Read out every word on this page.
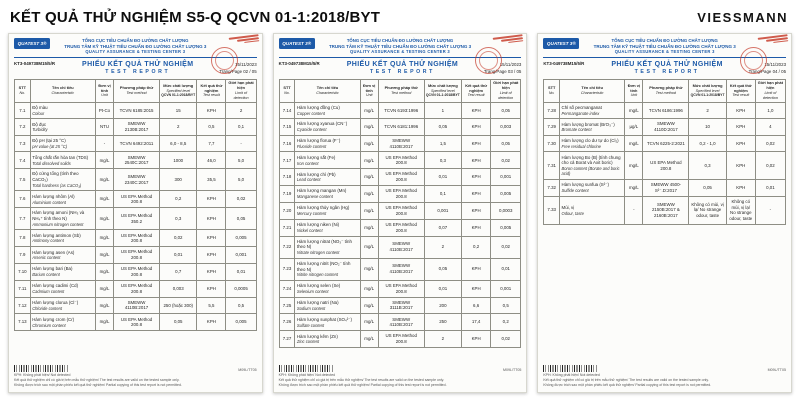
KẾT QUẢ THỬ NGHIỆM S5-Q QCVN 01-1:2018/BYT	VIESSMANN
QUATEST 3®
TỔNG CỤC TIÊU CHUẨN ĐO LƯỜNG CHẤT LƯỢNG
TRUNG TÂM KỸ THUẬT TIÊU CHUẨN ĐO LƯỜNG CHẤT LƯỢNG 3
QUALITY ASSURANCE & TESTING CENTER 3
KT3-049738M15/5/R	PHIẾU KẾT QUẢ THỬ NGHIỆM
TEST REPORT
15/11/2023
Trang/Page 02 / 05
STT
No.	Tên chỉ tiêu
Characteristic	Đơn vị tính
Unit	Phương pháp thử
Test method	Mức chất lượng
Specified level
QCVN 01-1:2018/BYT	Kết quả thử nghiệm
Test result	Giới hạn phát hiện
Limit of detection

7.1	Độ màu
Colour	Pt-Co	TCVN 6185:2015	15	KPH	2
7.2	Độ đục
Turbidity	NTU	SMEWW 2130B:2017	2	0,5	0,1
7.3	Độ pH (tại 25 °C)
pH value (at 25 °C)	-	TCVN 6492:2011	6,0 - 8,5	7,7	-
7.4	Tổng chất rắn hòa tan (TDS)
Total dissolved solids	mg/L	SMEWW 2540C:2017	1000	46,0	5,0
7.5	Độ cứng tổng (tính theo CaCO₃)
Total hardness (as CaCO₃)	mg/L	SMEWW 2340C:2017	300	35,5	5,0
7.6	Hàm lượng nhôm (Al)
Aluminium content	mg/L	US EPA Method 200.8	0,2	KPH	0,02
7.7	Hàm lượng amoni (NH₃ và NH₄⁺ tính theo N)
Ammonium nitrogen content	mg/L	US EPA Method 350.2	0,3	KPH	0,05
7.8	Hàm lượng antimon (Sb)
Antimony content	mg/L	US EPA Method 200.8	0,02	KPH	0,005
7.9	Hàm lượng asen (As)
Arsenic content	mg/L	US EPA Method 200.8	0,01	KPH	0,001
7.10	Hàm lượng bari (Ba)
Barium content	mg/L	US EPA Method 200.8	0,7	KPH	0,01
7.11	Hàm lượng cadimi (Cd)
Cadmium content	mg/L	US EPA Method 200.8	0,003	KPH	0,0005
7.12	Hàm lượng clorua (Cl⁻)
Chloride content	mg/L	SMEWW 4110B:2017	250 (hoặc 300)	5,5	0,5
7.13	Hàm lượng crom (Cr)
Chromium content	mg/L	US EPA Method 200.8	0,05	KPH	0,005
M09L/TT05
KPH: Không phát hiện/ Not detected
Kết quả thử nghiệm chỉ có giá trị trên mẫu thử nghiệm/ The test results are valid on the tested sample only.
Không được trích sao một phần phiếu kết quả thử nghiệm/ Partial copying of this test report is not permitted.
QUATEST 3®
TỔNG CỤC TIÊU CHUẨN ĐO LƯỜNG CHẤT LƯỢNG
TRUNG TÂM KỸ THUẬT TIÊU CHUẨN ĐO LƯỜNG CHẤT LƯỢNG 3
QUALITY ASSURANCE & TESTING CENTER 3
KT3-049738M15/5/R	PHIẾU KẾT QUẢ THỬ NGHIỆM
TEST REPORT
15/11/2023
Trang/Page 03 / 05
STT
No.	Tên chỉ tiêu
Characteristic	Đơn vị tính
Unit	Phương pháp thử
Test method	Mức chất lượng
Specified level
QCVN 01-1:2018/BYT	Kết quả thử nghiệm
Test result	Giới hạn phát hiện
Limit of detection

7.14	Hàm lượng đồng (Cu)
Copper content	mg/L	TCVN 6193:1996	1	KPH	0,05
7.15	Hàm lượng xyanua (CN⁻)
Cyanide content	mg/L	TCVN 6181:1996	0,05	KPH	0,003
7.16	Hàm lượng florua (F⁻)
Fluoride content	mg/L	SMEWW 4110B:2017	1,5	KPH	0,05
7.17	Hàm lượng sắt (Fe)
Iron content	mg/L	US EPA Method 200.8	0,3	KPH	0,02
7.18	Hàm lượng chì (Pb)
Lead content	mg/L	US EPA Method 200.8	0,01	KPH	0,001
7.19	Hàm lượng mangan (Mn)
Manganese content	mg/L	US EPA Method 200.8	0,1	KPH	0,005
7.20	Hàm lượng thủy ngân (Hg)
Mercury content	mg/L	US EPA Method 200.8	0,001	KPH	0,0003
7.21	Hàm lượng niken (Ni)
Nickel content	mg/L	US EPA Method 200.8	0,07	KPH	0,005
7.22	Hàm lượng nitrat (NO₃⁻ tính theo N)
Nitrate nitrogen content	mg/L	SMEWW 4110B:2017	2	0,2	0,02
7.23	Hàm lượng nitrit (NO₂⁻ tính theo N)
Nitrite nitrogen content	mg/L	SMEWW 4110B:2017	0,05	KPH	0,01
7.24	Hàm lượng selen (Se)
Selenium content	mg/L	US EPA Method 200.8	0,01	KPH	0,001
7.25	Hàm lượng natri (Na)
Sodium content	mg/L	SMEWW 3111B:2017	200	6,6	0,5
7.26	Hàm lượng sunphat (SO₄²⁻)
Sulfate content	mg/L	SMEWW 4110B:2017	250	17,4	0,2
7.27	Hàm lượng kẽm (Zn)
Zinc content	mg/L	US EPA Method 200.8	2	KPH	0,02
M09L/TT05
KPH: Không phát hiện/ Not detected
Kết quả thử nghiệm chỉ có giá trị trên mẫu thử nghiệm/ The test results are valid on the tested sample only.
Không được trích sao một phần phiếu kết quả thử nghiệm/ Partial copying of this test report is not permitted.
QUATEST 3®
TỔNG CỤC TIÊU CHUẨN ĐO LƯỜNG CHẤT LƯỢNG
TRUNG TÂM KỸ THUẬT TIÊU CHUẨN ĐO LƯỜNG CHẤT LƯỢNG 3
QUALITY ASSURANCE & TESTING CENTER 3
KT3-049738M15/5/R	PHIẾU KẾT QUẢ THỬ NGHIỆM
TEST REPORT
15/11/2023
Trang/Page 04 / 05
STT
No.	Tên chỉ tiêu
Characteristic	Đơn vị tính
Unit	Phương pháp thử
Test method	Mức chất lượng
Specified level
QCVN 01-1:2018/BYT	Kết quả thử nghiệm
Test result	Giới hạn phát hiện
Limit of detection

7.28	Chỉ số pecmanganat
Permanganate index	mg/L	TCVN 6186:1996	2	KPH	1,0
7.29	Hàm lượng bromat (BrO₃⁻)
Bromate content	µg/L	SMEWW 4110D:2017	10	KPH	4
7.30	Hàm lượng clo dư tự do (Cl₂)
Free residual chlorine	mg/L	TCVN 6225-2:2021	0,2 - 1,0	KPH	0,02
7.31	Hàm lượng Bo (B) (tính chung cho cả Borat và Axit boric)
Boron content (Borate and boric acid)	mg/L	US EPA Method 200.8	0,3	KPH	0,02
7.32	Hàm lượng sunfua (S²⁻)
Sulfide content	mg/L	SMEWW 4500-S²⁻.D:2017	0,05	KPH	0,01
7.33	Mùi, vị
Odour, taste	-	SMEWW 2150B:2017 & 2160B:2017	Không có mùi, vị lạ/ No strange odour, taste	Không có mùi, vị lạ/ No strange odour, taste	-
M09L/TT05
KPH: Không phát hiện/ Not detected
Kết quả thử nghiệm chỉ có giá trị trên mẫu thử nghiệm/ The test results are valid on the tested sample only.
Không được trích sao một phần phiếu kết quả thử nghiệm/ Partial copying of this test report is not permitted.
